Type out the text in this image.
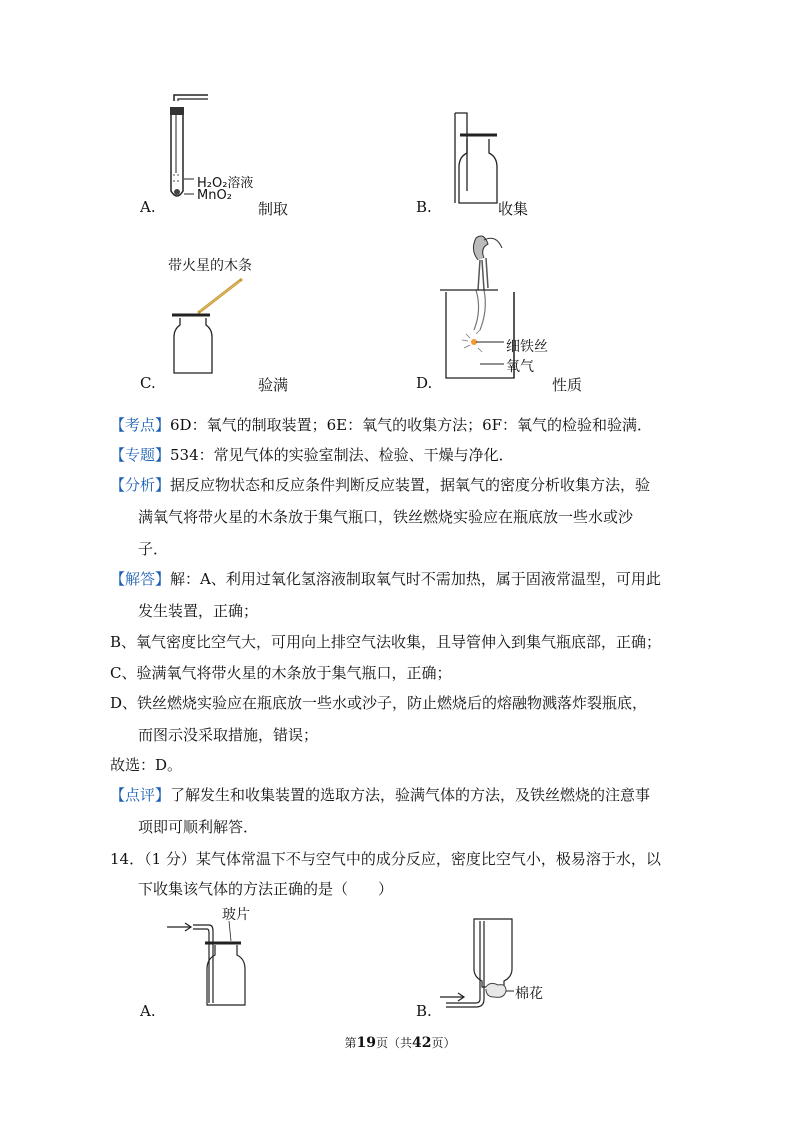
H₂O₂溶液
MnO₂
A.	制取	B.	收集
带火星的木条
C.	验满
细铁丝
氧气
D.	性质
【考点】6D：氧气的制取装置；6E：氧气的收集方法；6F：氧气的检验和验满．
【专题】534：常见气体的实验室制法、检验、干燥与净化．
【分析】据反应物状态和反应条件判断反应装置，据氧气的密度分析收集方法，验
满氧气将带火星的木条放于集气瓶口，铁丝燃烧实验应在瓶底放一些水或沙
子．
【解答】解：A、利用过氧化氢溶液制取氧气时不需加热，属于固液常温型，可用此
发生装置，正确；
B、氧气密度比空气大，可用向上排空气法收集，且导管伸入到集气瓶底部，正确；
C、验满氧气将带火星的木条放于集气瓶口，正确；
D、铁丝燃烧实验应在瓶底放一些水或沙子，防止燃烧后的熔融物溅落炸裂瓶底，
而图示没采取措施，错误；
故选：D。
【点评】了解发生和收集装置的选取方法，验满气体的方法，及铁丝燃烧的注意事
项即可顺利解答．
14．（1 分）某气体常温下不与空气中的成分反应，密度比空气小，极易溶于水，以
下收集该气体的方法正确的是（　　）
玻片
A.
棉花
B.
第19页（共42页）
